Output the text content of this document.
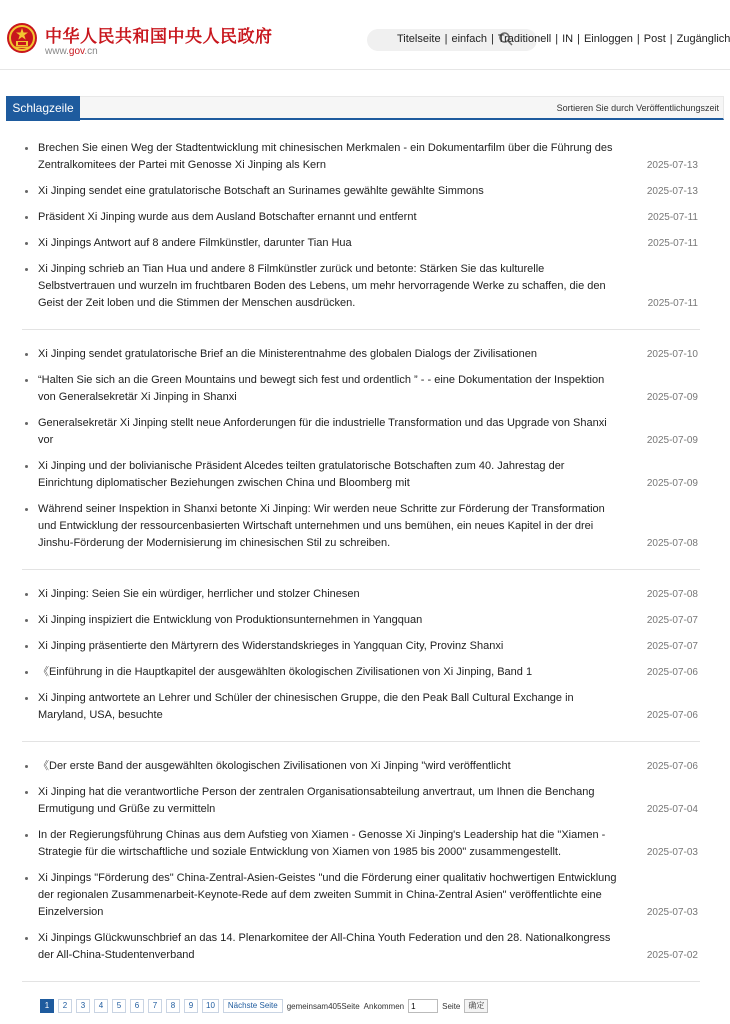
中华人民共和国中央人民政府
www.gov.cn
Titelseite | einfach | Traditionell | IN | Einloggen | Post | Zugänglich
Schlagzeile	Sortieren Sie durch Veröffentlichungszeit
Brechen Sie einen Weg der Stadtentwicklung mit chinesischen Merkmalen - ein Dokumentarfilm über die Führung des Zentralkomitees der Partei mit Genosse Xi Jinping als Kern	2025-07-13
Xi Jinping sendet eine gratulatorische Botschaft an Surinames gewählte gewählte Simmons	2025-07-13
Präsident Xi Jinping wurde aus dem Ausland Botschafter ernannt und entfernt	2025-07-11
Xi Jinpings Antwort auf 8 andere Filmkünstler, darunter Tian Hua	2025-07-11
Xi Jinping schrieb an Tian Hua und andere 8 Filmkünstler zurück und betonte: Stärken Sie das kulturelle Selbstvertrauen und wurzeln im fruchtbaren Boden des Lebens, um mehr hervorragende Werke zu schaffen, die den Geist der Zeit loben und die Stimmen der Menschen ausdrücken.	2025-07-11
Xi Jinping sendet gratulatorische Brief an die Ministerentnahme des globalen Dialogs der Zivilisationen	2025-07-10
“Halten Sie sich an die Green Mountains und bewegt sich fest und ordentlich ” - - eine Dokumentation der Inspektion von Generalsekretär Xi Jinping in Shanxi	2025-07-09
Generalsekretär Xi Jinping stellt neue Anforderungen für die industrielle Transformation und das Upgrade von Shanxi vor	2025-07-09
Xi Jinping und der bolivianische Präsident Alcedes teilten gratulatorische Botschaften zum 40. Jahrestag der Einrichtung diplomatischer Beziehungen zwischen China und Bloomberg mit	2025-07-09
Während seiner Inspektion in Shanxi betonte Xi Jinping: Wir werden neue Schritte zur Förderung der Transformation und Entwicklung der ressourcenbasierten Wirtschaft unternehmen und uns bemühen, ein neues Kapitel in der drei Jinshu-Förderung der Modernisierung im chinesischen Stil zu schreiben.	2025-07-08
Xi Jinping: Seien Sie ein würdiger, herrlicher und stolzer Chinesen	2025-07-08
Xi Jinping inspiziert die Entwicklung von Produktionsunternehmen in Yangquan	2025-07-07
Xi Jinping präsentierte den Märtyrern des Widerstandskrieges in Yangquan City, Provinz Shanxi	2025-07-07
《Einführung in die Hauptkapitel der ausgewählten ökologischen Zivilisationen von Xi Jinping, Band 1	2025-07-06
Xi Jinping antwortete an Lehrer und Schüler der chinesischen Gruppe, die den Peak Ball Cultural Exchange in Maryland, USA, besuchte	2025-07-06
《Der erste Band der ausgewählten ökologischen Zivilisationen von Xi Jinping "wird veröffentlicht	2025-07-06
Xi Jinping hat die verantwortliche Person der zentralen Organisationsabteilung anvertraut, um Ihnen die Benchang Ermutigung und Grüße zu vermitteln	2025-07-04
In der Regierungsführung Chinas aus dem Aufstieg von Xiamen - Genosse Xi Jinping's Leadership hat die "Xiamen - Strategie für die wirtschaftliche und soziale Entwicklung von Xiamen von 1985 bis 2000" zusammengestellt.	2025-07-03
Xi Jinpings "Förderung des" China-Zentral-Asien-Geistes "und die Förderung einer qualitativ hochwertigen Entwicklung der regionalen Zusammenarbeit-Keynote-Rede auf dem zweiten Summit in China-Zentral Asien" veröffentlichte eine Einzelversion	2025-07-03
Xi Jinpings Glückwunschbrief an das 14. Plenarkomitee der All-China Youth Federation und den 28. Nationalkongress der All-China-Studentenverband	2025-07-02
1 2 3 4 5 6 7 8 9 10 Nächste Seite gemeinsam405Seite Ankommen1	Seite 确定
